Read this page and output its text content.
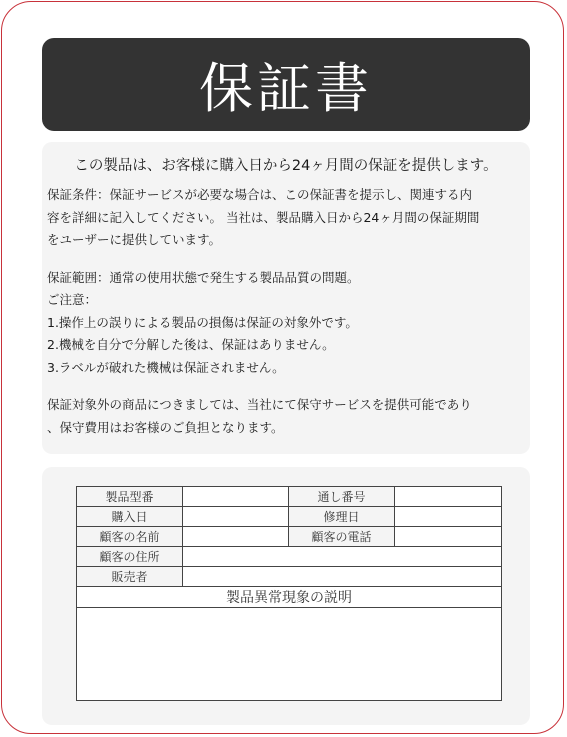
保証書
この製品は、お客様に購入日から24ヶ月間の保証を提供します。

保証条件：保証サービスが必要な場合は、この保証書を提示し、関連する内

容を詳細に記入してください。 当社は、製品購入日から24ヶ月間の保証期間

をユーザーに提供しています。

保証範囲：通常の使用状態で発生する製品品質の問題。

ご注意：

1.操作上の誤りによる製品の損傷は保証の対象外です。

2.機械を自分で分解した後は、保証はありません。

3.ラベルが破れた機械は保証されません。

保証対象外の商品につきましては、当社にて保守サービスを提供可能であり

、保守費用はお客様のご負担となります。

製品型番		通し番号	
購入日		修理日	
顧客の名前		顧客の電話	
顧客の住所			
販売者			
製品異常現象の説明			
